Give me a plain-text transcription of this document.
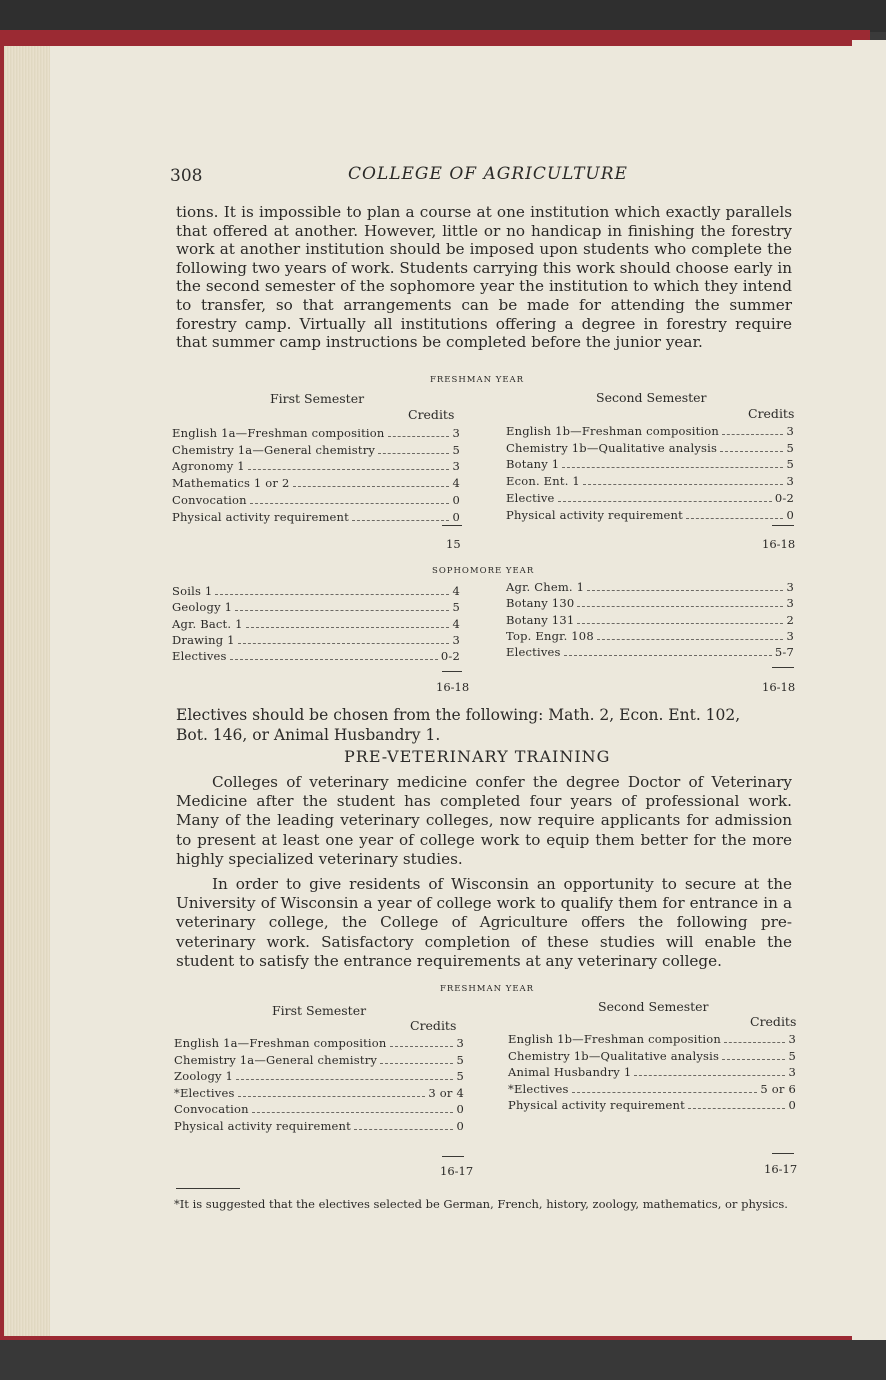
308	COLLEGE OF AGRICULTURE
tions. It is impossible to plan a course at one institution which exactly parallels that offered at another. However, little or no handicap in finishing the forestry work at another institution should be imposed upon students who complete the following two years of work. Students carrying this work should choose early in the second semester of the sophomore year the institution to which they intend to transfer, so that arrangements can be made for attending the summer forestry camp. Virtually all institutions offering a degree in forestry require that summer camp instructions be completed before the junior year.
FRESHMAN YEAR
First Semester	Second Semester
Credits	Credits
English 1a—Freshman composition	3
Chemistry 1a—General chemistry	5
Agronomy 1	3
Mathematics 1 or 2	4
Convocation	0
Physical activity requirement	0
English 1b—Freshman composition	3
Chemistry 1b—Qualitative analysis	5
Botany 1	5
Econ. Ent. 1	3
Elective	0-2
Physical activity requirement	0
15	16-18
SOPHOMORE YEAR
Soils 1	4
Geology 1	5
Agr. Bact. 1	4
Drawing 1	3
Electives	0-2
Agr. Chem. 1	3
Botany 130	3
Botany 131	2
Top. Engr. 108	3
Electives	5-7
16-18	16-18
Electives should be chosen from the following: Math. 2, Econ. Ent. 102,
Bot. 146, or Animal Husbandry 1.
PRE-VETERINARY TRAINING
Colleges of veterinary medicine confer the degree Doctor of Veterinary Medicine after the student has completed four years of professional work. Many of the leading veterinary colleges, now require applicants for admission to present at least one year of college work to equip them better for the more highly specialized veterinary studies.
In order to give residents of Wisconsin an opportunity to secure at the University of Wisconsin a year of college work to qualify them for entrance in a veterinary college, the College of Agriculture offers the following pre-veterinary work. Satisfactory completion of these studies will enable the student to satisfy the entrance requirements at any veterinary college.
FRESHMAN YEAR
First Semester	Second Semester
Credits	Credits
English 1a—Freshman composition	3
Chemistry 1a—General chemistry	5
Zoology 1	5
*Electives	3 or 4
Convocation	0
Physical activity requirement	0
English 1b—Freshman composition	3
Chemistry 1b—Qualitative analysis	5
Animal Husbandry 1	3
*Electives	5 or 6
Physical activity requirement	0
16-17	16-17
*It is suggested that the electives selected be German, French, history, zoology, mathematics, or physics.
